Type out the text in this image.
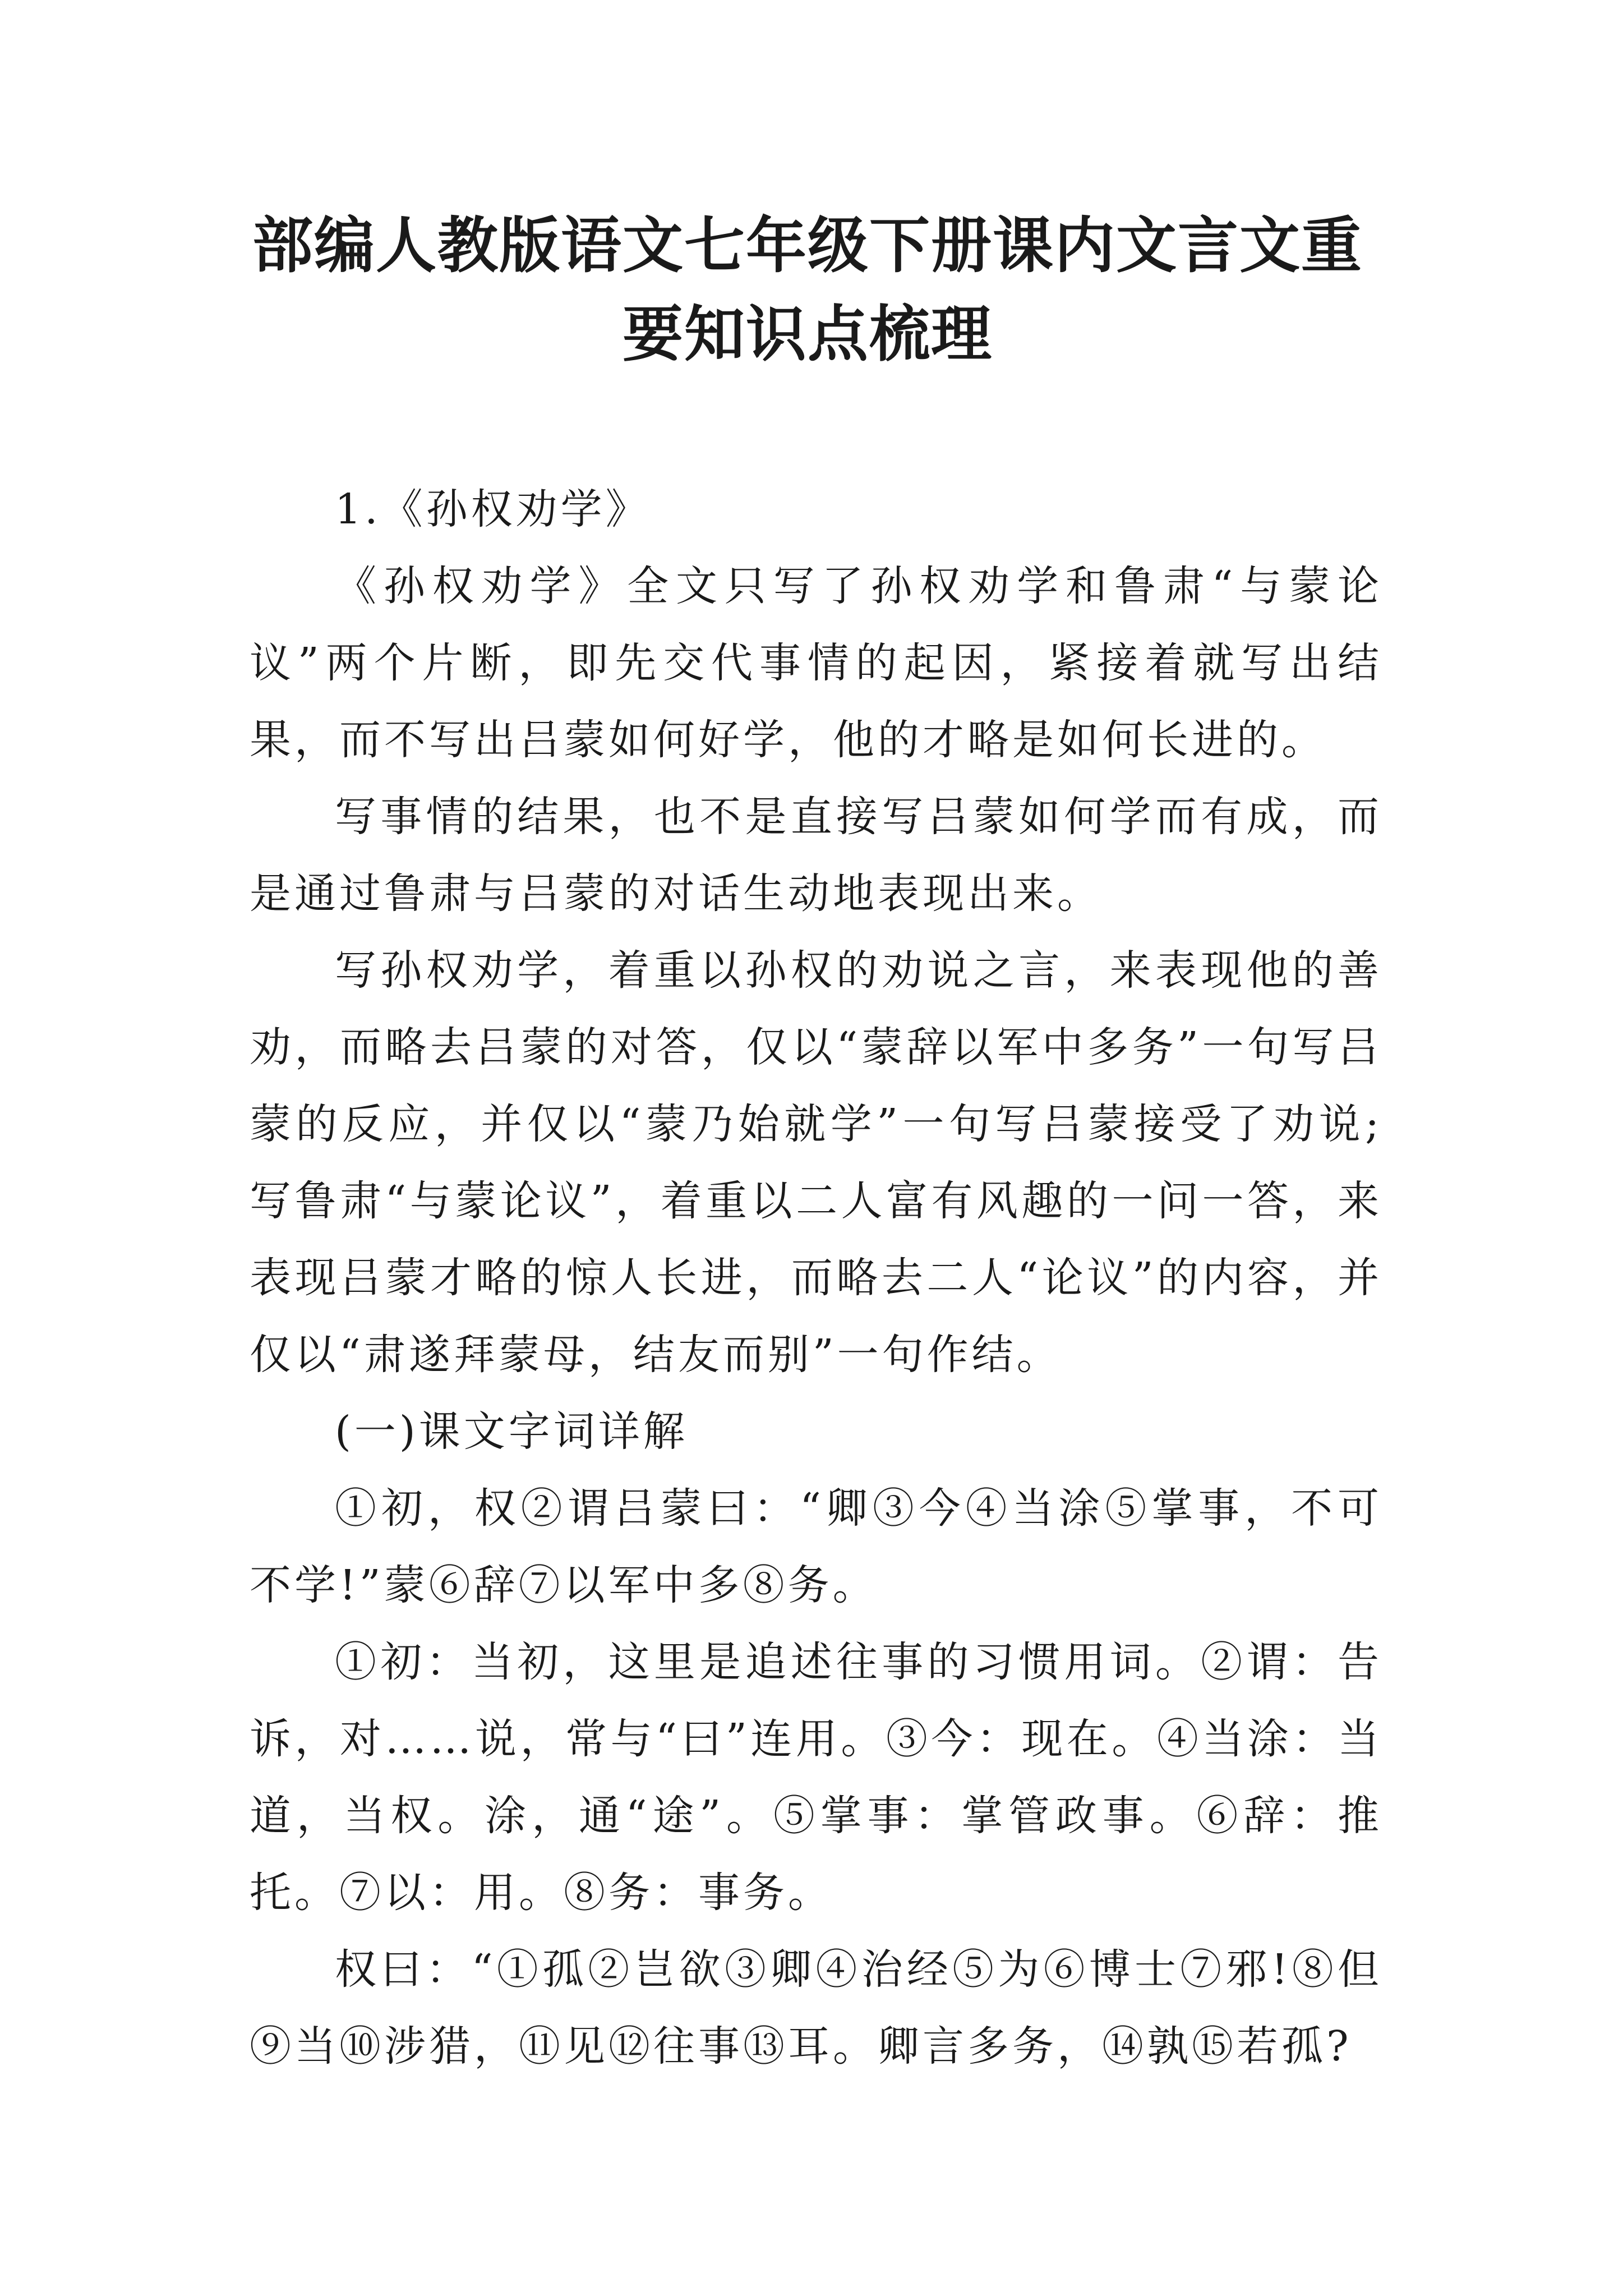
部编人教版语文七年级下册课内文言文重
要知识点梳理

1.《孙权劝学》

《孙权劝学》全文只写了孙权劝学和鲁肃“与蒙论议”两个片断，即先交代事情的起因，紧接着就写出结果，而不写出吕蒙如何好学，他的才略是如何长进的。

写事情的结果，也不是直接写吕蒙如何学而有成，而是通过鲁肃与吕蒙的对话生动地表现出来。

写孙权劝学，着重以孙权的劝说之言，来表现他的善劝，而略去吕蒙的对答，仅以“蒙辞以军中多务”一句写吕蒙的反应，并仅以“蒙乃始就学”一句写吕蒙接受了劝说;写鲁肃“与蒙论议”，着重以二人富有风趣的一问一答，来表现吕蒙才略的惊人长进，而略去二人“论议”的内容，并仅以“肃遂拜蒙母，结友而别”一句作结。

(一)课文字词详解

①初，权②谓吕蒙曰：“卿③今④当涂⑤掌事，不可不学!”蒙⑥辞⑦以军中多⑧务。

①初：当初，这里是追述往事的习惯用词。②谓：告诉，对……说，常与“曰”连用。③今：现在。④当涂：当道，当权。涂，通“途”。⑤掌事：掌管政事。⑥辞：推托。⑦以：用。⑧务：事务。

权曰：“①孤②岂欲③卿④治经⑤为⑥博士⑦邪!⑧但⑨当⑩涉猎，⑪见⑫往事⑬耳。卿言多务，⑭孰⑮若孤?
